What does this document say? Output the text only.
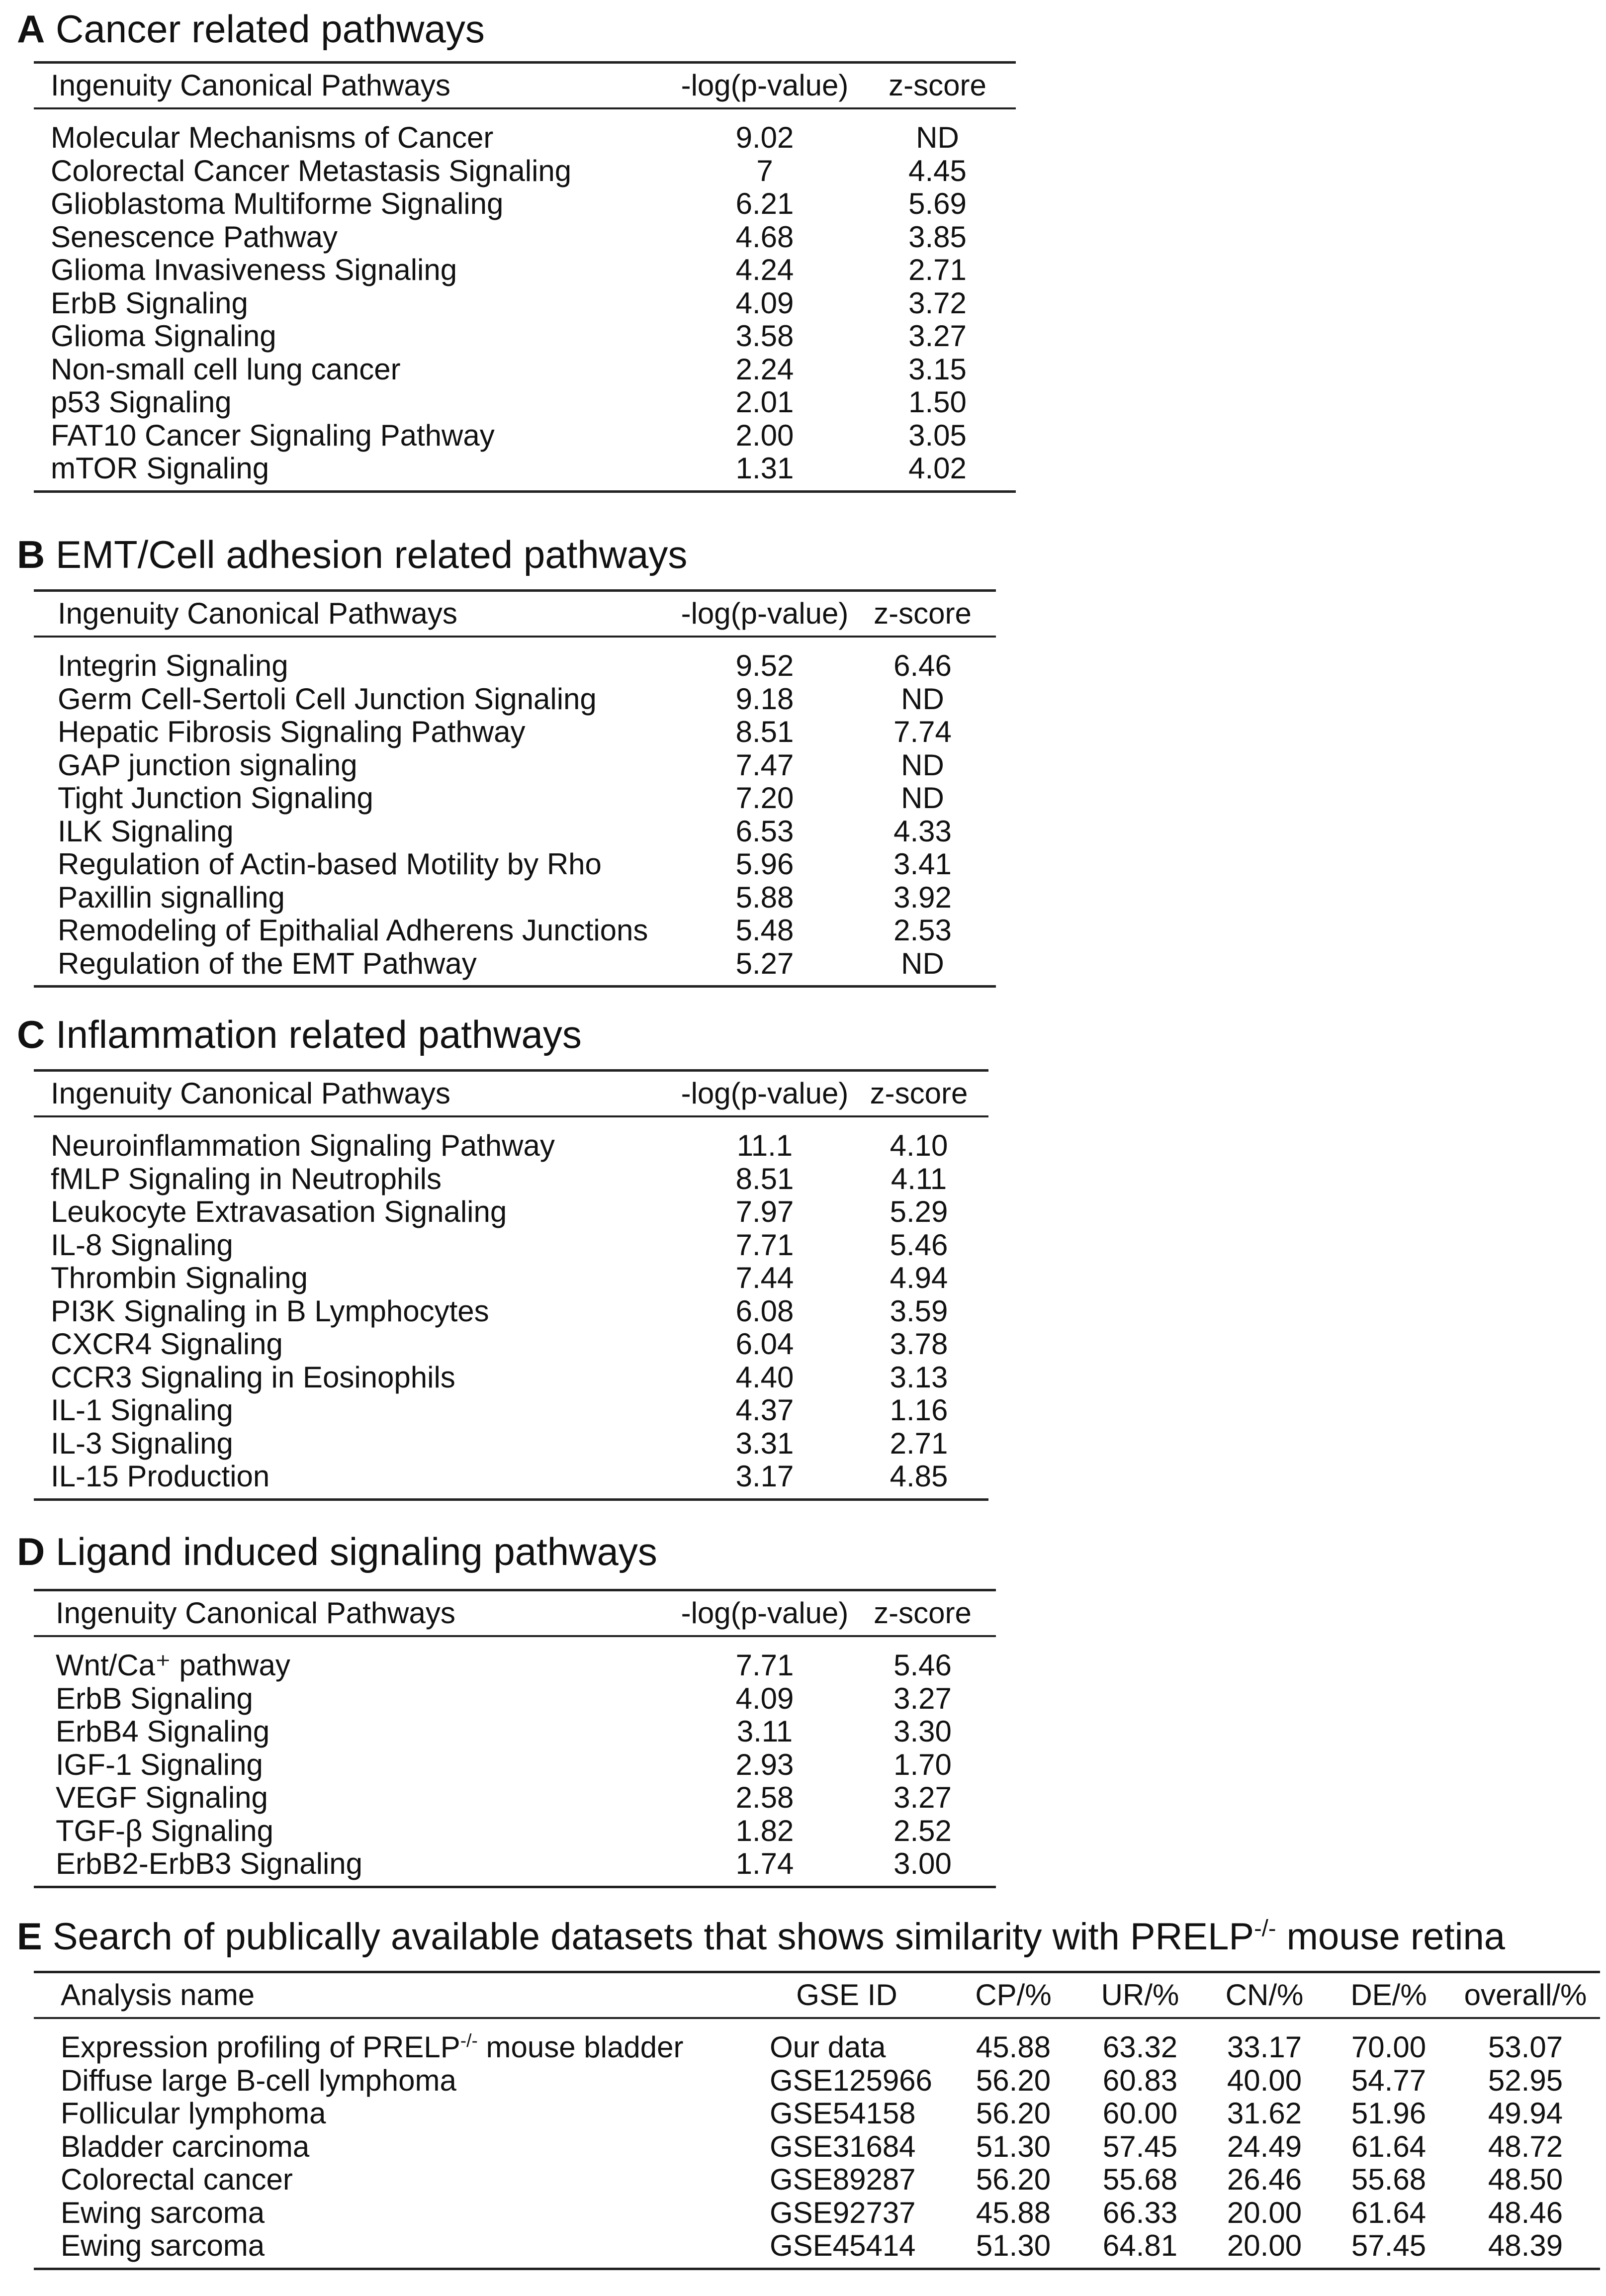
A Cancer related pathways
Ingenuity Canonical Pathways	-log(p-value)	z-score
Molecular Mechanisms of Cancer	9.02	ND
Colorectal Cancer Metastasis Signaling	7	4.45
Glioblastoma Multiforme Signaling	6.21	5.69
Senescence Pathway	4.68	3.85
Glioma Invasiveness Signaling	4.24	2.71
ErbB Signaling	4.09	3.72
Glioma Signaling	3.58	3.27
Non-small cell lung cancer	2.24	3.15
p53 Signaling	2.01	1.50
FAT10 Cancer Signaling Pathway	2.00	3.05
mTOR Signaling	1.31	4.02
B EMT/Cell adhesion related pathways
Ingenuity Canonical Pathways	-log(p-value)	z-score
Integrin Signaling	9.52	6.46
Germ Cell-Sertoli Cell Junction Signaling	9.18	ND
Hepatic Fibrosis Signaling Pathway	8.51	7.74
GAP junction signaling	7.47	ND
Tight Junction Signaling	7.20	ND
ILK Signaling	6.53	4.33
Regulation of Actin-based Motility by Rho	5.96	3.41
Paxillin signalling	5.88	3.92
Remodeling of Epithalial Adherens Junctions	5.48	2.53
Regulation of the EMT Pathway	5.27	ND
C Inflammation related pathways
Ingenuity Canonical Pathways	-log(p-value)	z-score
Neuroinflammation Signaling Pathway	11.1	4.10
fMLP Signaling in Neutrophils	8.51	4.11
Leukocyte Extravasation Signaling	7.97	5.29
IL-8 Signaling	7.71	5.46
Thrombin Signaling	7.44	4.94
PI3K Signaling in B Lymphocytes	6.08	3.59
CXCR4 Signaling	6.04	3.78
CCR3 Signaling in Eosinophils	4.40	3.13
IL-1 Signaling	4.37	1.16
IL-3 Signaling	3.31	2.71
IL-15 Production	3.17	4.85
D Ligand induced signaling pathways
Ingenuity Canonical Pathways	-log(p-value)	z-score
Wnt/Ca⁺ pathway	7.71	5.46
ErbB Signaling	4.09	3.27
ErbB4 Signaling	3.11	3.30
IGF-1 Signaling	2.93	1.70
VEGF Signaling	2.58	3.27
TGF-β Signaling	1.82	2.52
ErbB2-ErbB3 Signaling	1.74	3.00
E Search of publically available datasets that shows similarity with PRELP-/- mouse retina
Analysis name	GSE ID	CP/%	UR/%	CN/%	DE/%	overall/%
Expression profiling of PRELP-/- mouse bladder	Our data	45.88	63.32	33.17	70.00	53.07
Diffuse large B-cell lymphoma	GSE125966	56.20	60.83	40.00	54.77	52.95
Follicular lymphoma	GSE54158	56.20	60.00	31.62	51.96	49.94
Bladder carcinoma	GSE31684	51.30	57.45	24.49	61.64	48.72
Colorectal cancer	GSE89287	56.20	55.68	26.46	55.68	48.50
Ewing sarcoma	GSE92737	45.88	66.33	20.00	61.64	48.46
Ewing sarcoma	GSE45414	51.30	64.81	20.00	57.45	48.39
